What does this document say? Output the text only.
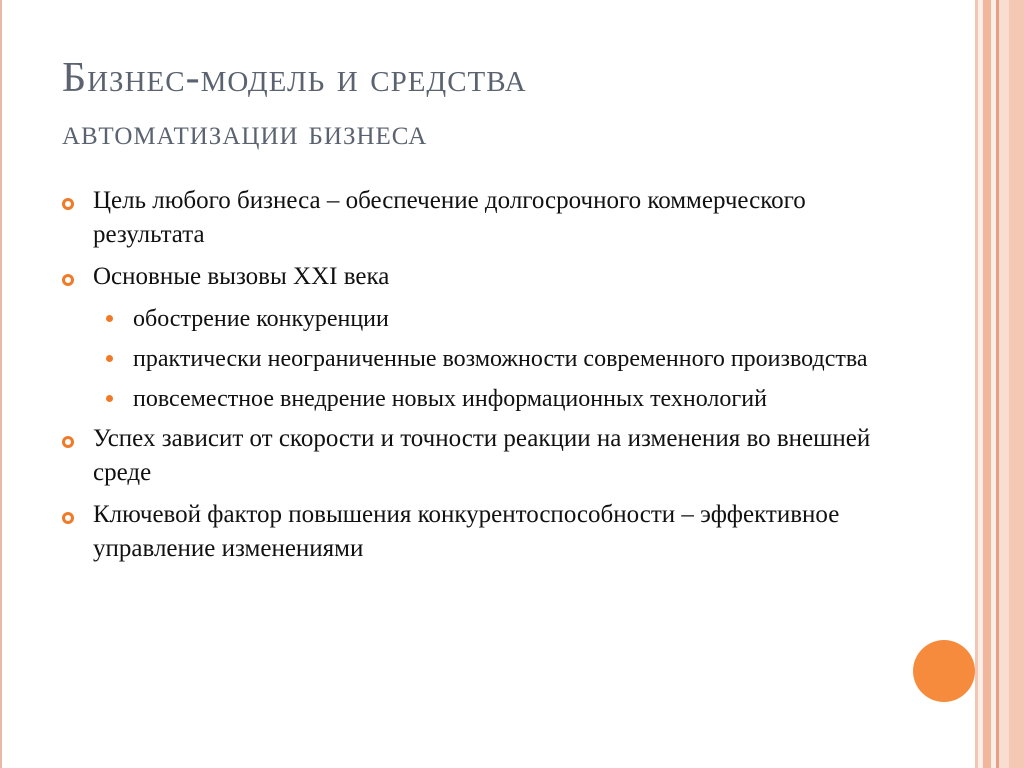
Бизнес-модель и средства
автоматизации бизнеса
Цель любого бизнеса – обеспечение долгосрочного коммерческого результата
Основные вызовы XXI века
обострение конкуренции
практически неограниченные возможности современного производства
повсеместное внедрение новых информационных технологий
Успех зависит от скорости и точности реакции на изменения во внешней среде
Ключевой фактор повышения конкурентоспособности – эффективное управление изменениями
